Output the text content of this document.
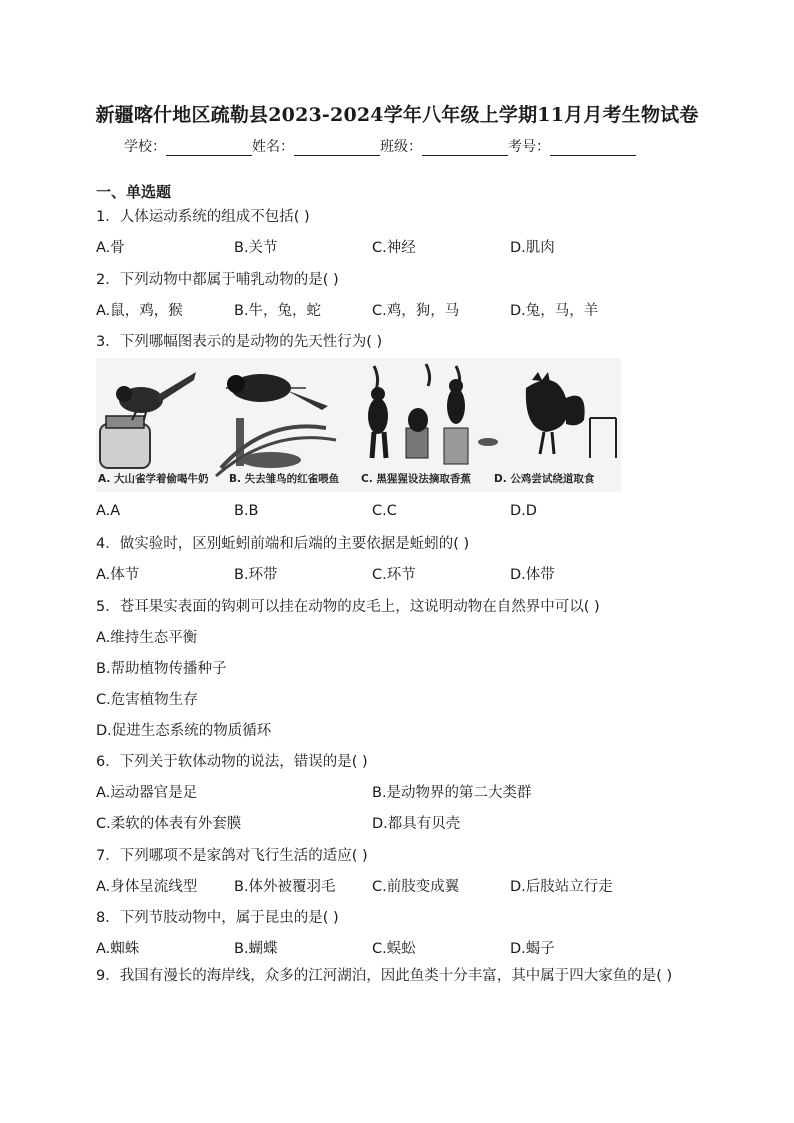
新疆喀什地区疏勒县2023-2024学年八年级上学期11月月考生物试卷
学校：	姓名：	班级：	考号：
一、单选题
1．人体运动系统的组成不包括( )
A.骨	B.关节	C.神经	D.肌肉
2．下列动物中都属于哺乳动物的是( )
A.鼠，鸡，猴	B.牛，兔，蛇	C.鸡，狗，马	D.兔，马，羊
3．下列哪幅图表示的是动物的先天性行为( )
A. 大山雀学着偷喝牛奶 B. 失去雏鸟的红雀喂鱼 C. 黑猩猩设法摘取香蕉 D. 公鸡尝试绕道取食
A.A	B.B	C.C	D.D
4．做实验时，区别蚯蚓前端和后端的主要依据是蚯蚓的( )
A.体节	B.环带	C.环节	D.体带
5．苍耳果实表面的钩刺可以挂在动物的皮毛上，这说明动物在自然界中可以( )
A.维持生态平衡
B.帮助植物传播种子
C.危害植物生存
D.促进生态系统的物质循环
6．下列关于软体动物的说法，错误的是( )
A.运动器官是足	B.是动物界的第二大类群
C.柔软的体表有外套膜	D.都具有贝壳
7．下列哪项不是家鸽对飞行生活的适应( )
A.身体呈流线型	B.体外被覆羽毛	C.前肢变成翼	D.后肢站立行走
8．下列节肢动物中，属于昆虫的是( )
A.蜘蛛	B.蝴蝶	C.蜈蚣	D.蝎子
9．我国有漫长的海岸线，众多的江河湖泊，因此鱼类十分丰富，其中属于四大家鱼的是( )
